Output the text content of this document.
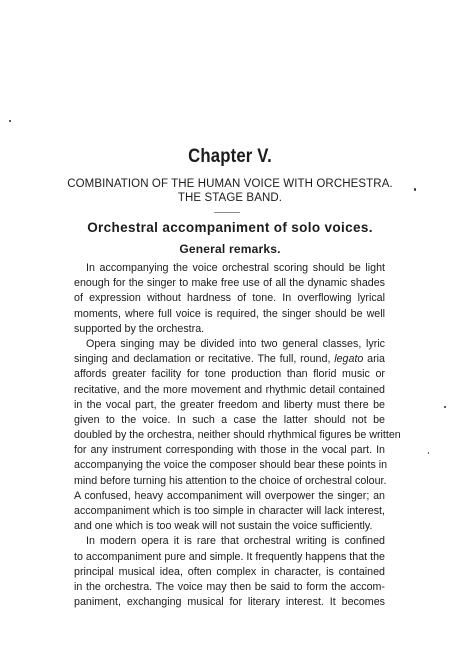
Chapter V.
COMBINATION OF THE HUMAN VOICE WITH ORCHESTRA.
THE STAGE BAND.
Orchestral accompaniment of solo voices.
General remarks.
In accompanying the voice orchestral scoring should be light
enough for the singer to make free use of all the dynamic shades
of expression without hardness of tone. In overflowing lyrical
moments, where full voice is required, the singer should be well
supported by the orchestra.
Opera singing may be divided into two general classes, lyric
singing and declamation or recitative. The full, round, legato aria
affords greater facility for tone production than florid music or
recitative, and the more movement and rhythmic detail contained
in the vocal part, the greater freedom and liberty must there be
given to the voice. In such a case the latter should not be
doubled by the orchestra, neither should rhythmical figures be written
for any instrument corresponding with those in the vocal part. In
accompanying the voice the composer should bear these points in
mind before turning his attention to the choice of orchestral colour.
A confused, heavy accompaniment will overpower the singer; an
accompaniment which is too simple in character will lack interest,
and one which is too weak will not sustain the voice sufficiently.
In modern opera it is rare that orchestral writing is confined
to accompaniment pure and simple. It frequently happens that the
principal musical idea, often complex in character, is contained
in the orchestra. The voice may then be said to form the accom-
paniment, exchanging musical for literary interest. It becomes
